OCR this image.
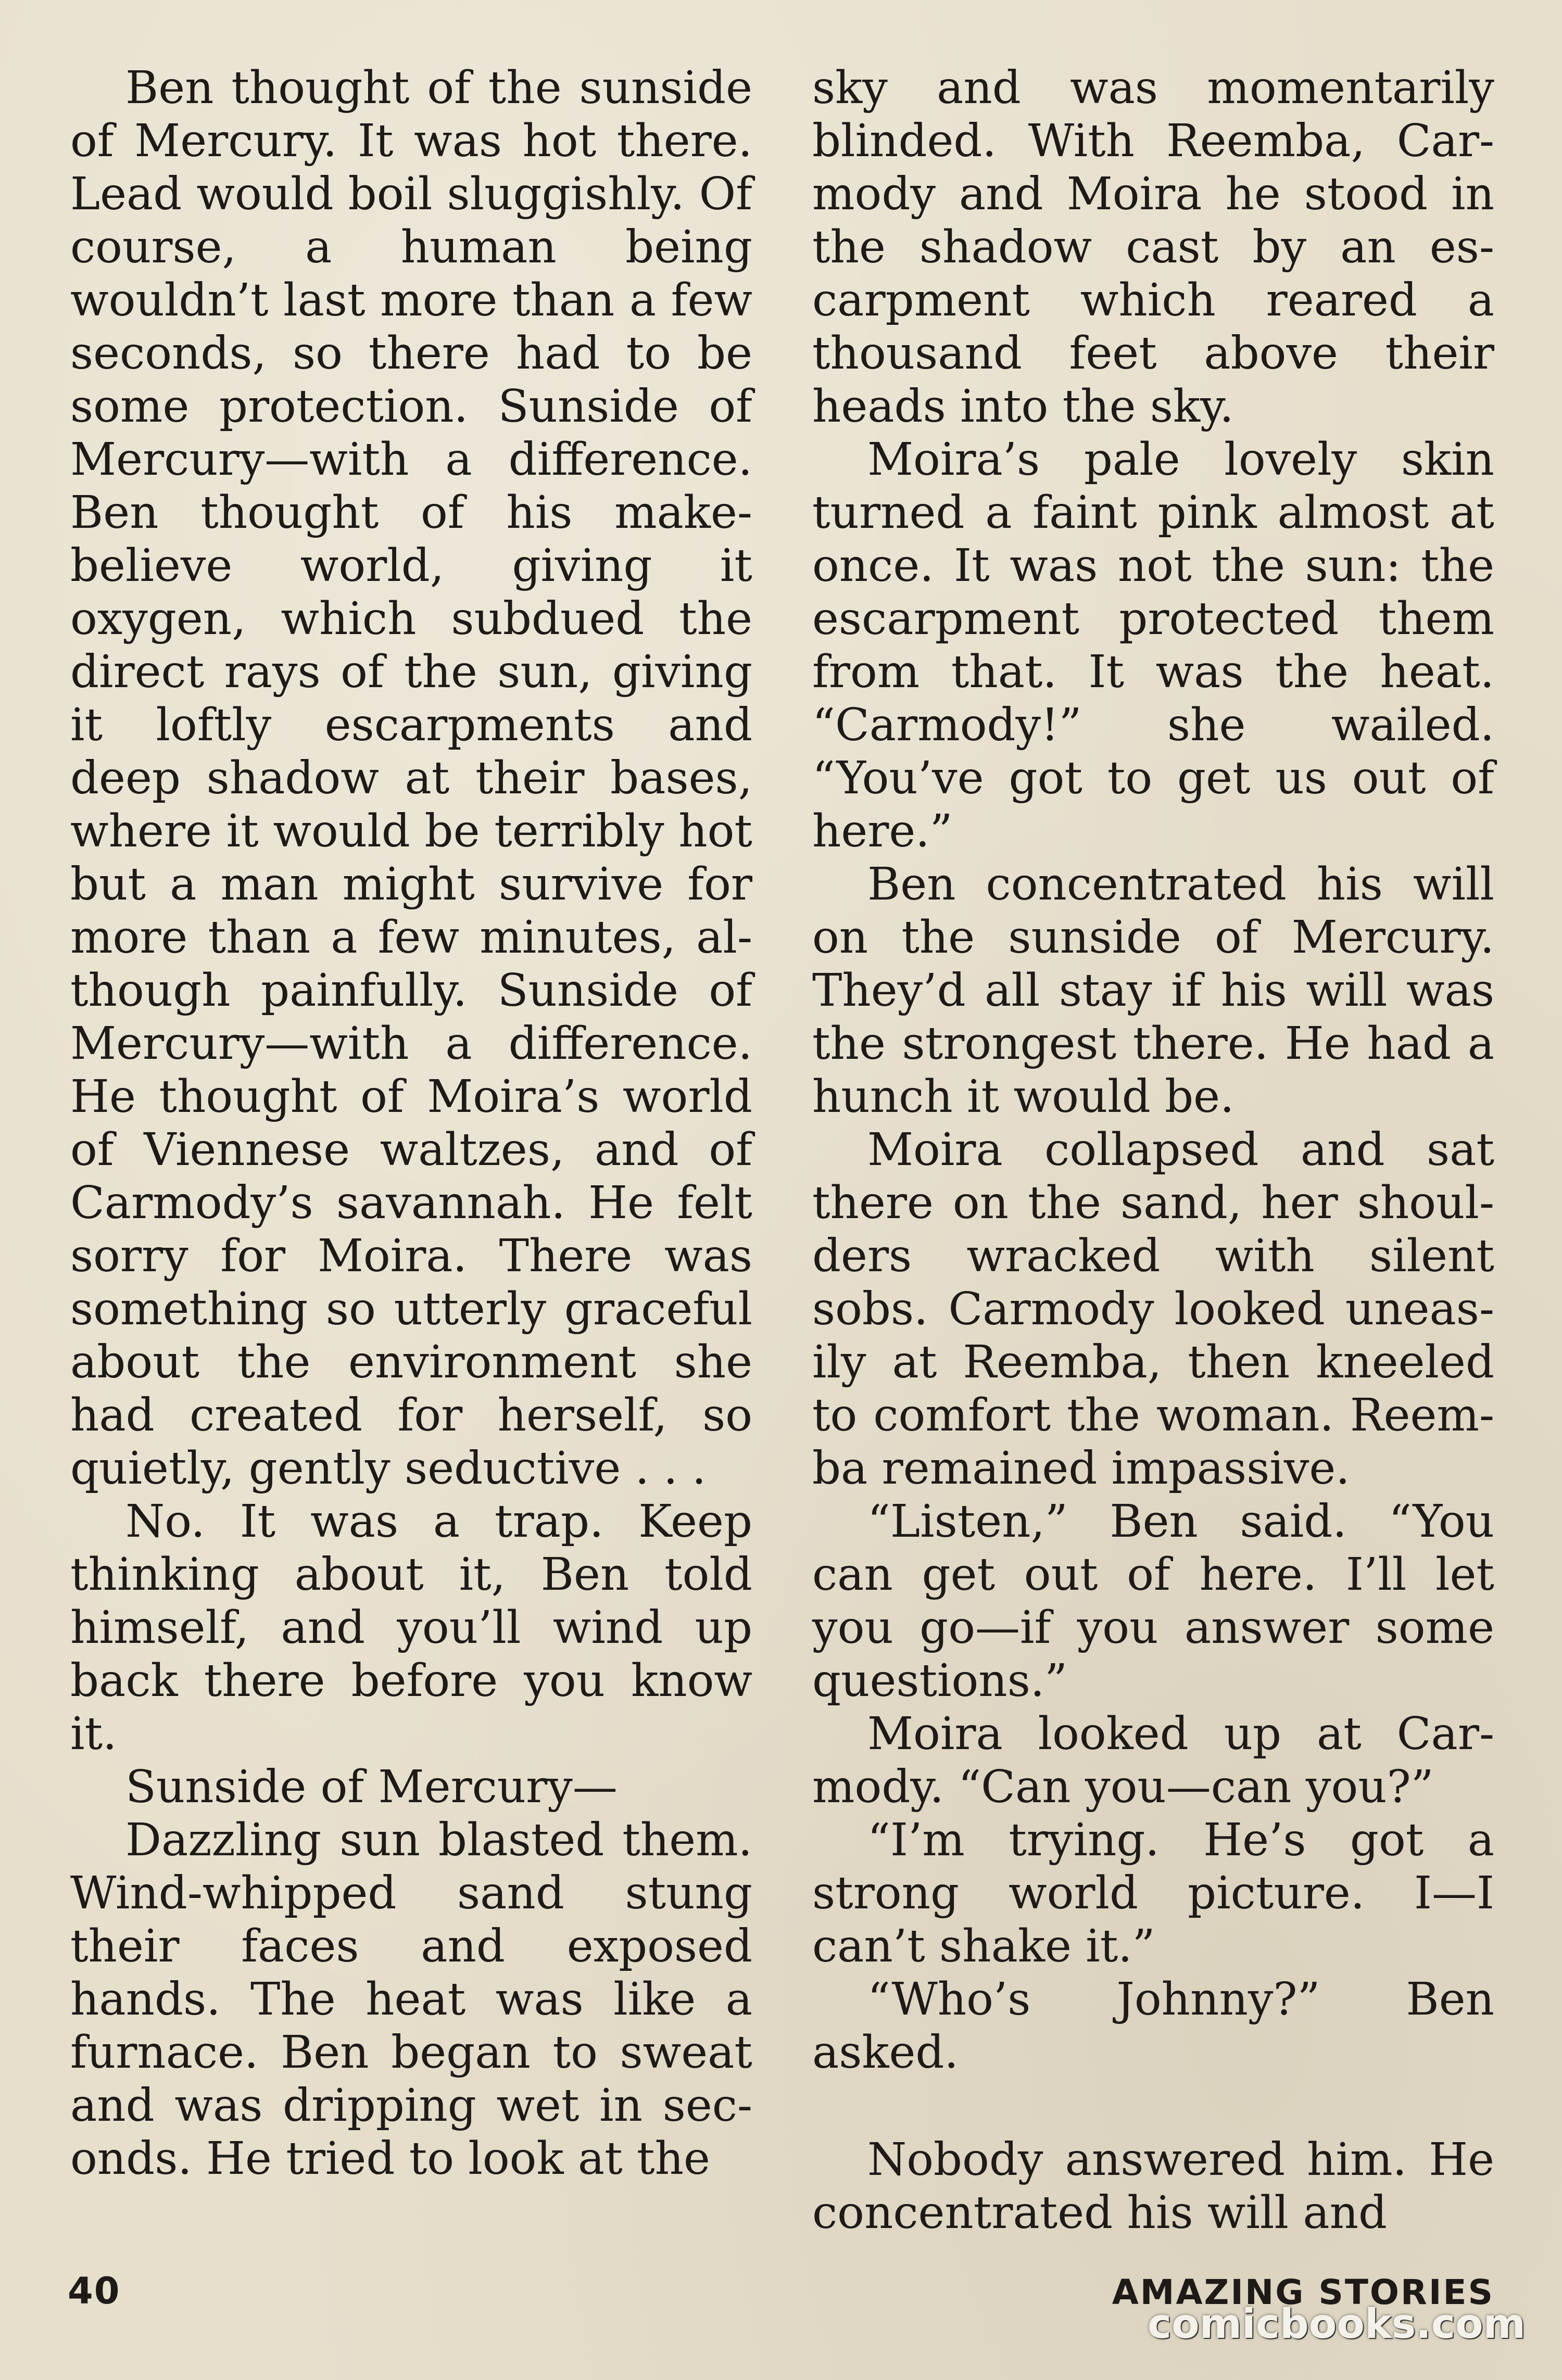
Ben thought of the sunside of Mercury. It was hot there. Lead would boil sluggishly. Of course, a human being wouldn’t last more than a few seconds, so there had to be some protection. Sunside of Mercury—with a difference. Ben thought of his make-believe world, giving it oxygen, which subdued the direct rays of the sun, giving it loftly escarpments and deep shadow at their bases, where it would be terribly hot but a man might survive for more than a few minutes, although painfully. Sunside of Mercury—with a difference. He thought of Moira’s world of Viennese waltzes, and of Carmody’s savannah. He felt sorry for Moira. There was something so utterly graceful about the environment she had created for herself, so quietly, gently seductive . . .

No. It was a trap. Keep thinking about it, Ben told himself, and you’ll wind up back there before you know it.

Sunside of Mercury—

Dazzling sun blasted them. Wind-whipped sand stung their faces and exposed hands. The heat was like a furnace. Ben began to sweat and was dripping wet in seconds. He tried to look at the

sky and was momentarily blinded. With Reemba, Carmody and Moira he stood in the shadow cast by an escarpment which reared a thousand feet above their heads into the sky.

Moira’s pale lovely skin turned a faint pink almost at once. It was not the sun: the escarpment protected them from that. It was the heat. “Carmody!” she wailed. “You’ve got to get us out of here.”

Ben concentrated his will on the sunside of Mercury. They’d all stay if his will was the strongest there. He had a hunch it would be.

Moira collapsed and sat there on the sand, her shoulders wracked with silent sobs. Carmody looked uneasily at Reemba, then kneeled to comfort the woman. Reemba remained impassive.

“Listen,” Ben said. “You can get out of here. I’ll let you go—if you answer some questions.”

Moira looked up at Carmody. “Can you—can you?”

“I’m trying. He’s got a strong world picture. I—I can’t shake it.”

“Who’s Johnny?” Ben asked.

Nobody answered him. He concentrated his will and

40	AMAZING STORIES
comicbooks.com
